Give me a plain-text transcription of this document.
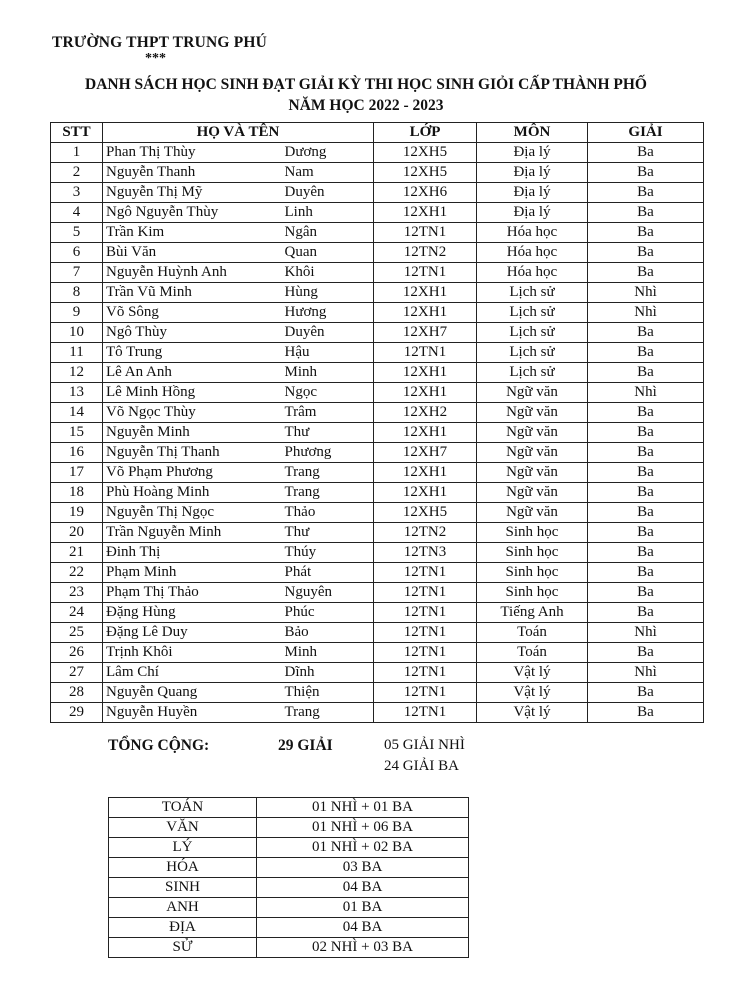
TRƯỜNG THPT TRUNG PHÚ
***
DANH SÁCH HỌC SINH ĐẠT GIẢI KỲ THI HỌC SINH GIỎI CẤP THÀNH PHỐ
NĂM HỌC 2022 - 2023
STT	HỌ VÀ TÊN		LỚP	MÔN	GIẢI
1	Phan Thị Thùy	Dương	12XH5	Địa lý	Ba
2	Nguyễn Thanh	Nam	12XH5	Địa lý	Ba
3	Nguyễn Thị Mỹ	Duyên	12XH6	Địa lý	Ba
4	Ngô Nguyễn Thùy	Linh	12XH1	Địa lý	Ba
5	Trần Kim	Ngân	12TN1	Hóa học	Ba
6	Bùi Văn	Quan	12TN2	Hóa học	Ba
7	Nguyễn Huỳnh Anh	Khôi	12TN1	Hóa học	Ba
8	Trần Vũ Minh	Hùng	12XH1	Lịch sử	Nhì
9	Võ Sông	Hương	12XH1	Lịch sử	Nhì
10	Ngô Thùy	Duyên	12XH7	Lịch sử	Ba
11	Tô Trung	Hậu	12TN1	Lịch sử	Ba
12	Lê An Anh	Minh	12XH1	Lịch sử	Ba
13	Lê Minh Hồng	Ngọc	12XH1	Ngữ văn	Nhì
14	Võ Ngọc Thùy	Trâm	12XH2	Ngữ văn	Ba
15	Nguyễn Minh	Thư	12XH1	Ngữ văn	Ba
16	Nguyễn Thị Thanh	Phương	12XH7	Ngữ văn	Ba
17	Võ Phạm Phương	Trang	12XH1	Ngữ văn	Ba
18	Phù Hoàng Minh	Trang	12XH1	Ngữ văn	Ba
19	Nguyễn Thị Ngọc	Thảo	12XH5	Ngữ văn	Ba
20	Trần Nguyễn Minh	Thư	12TN2	Sinh học	Ba
21	Đinh Thị	Thúy	12TN3	Sinh học	Ba
22	Phạm Minh	Phát	12TN1	Sinh học	Ba
23	Phạm Thị Thảo	Nguyên	12TN1	Sinh học	Ba
24	Đặng Hùng	Phúc	12TN1	Tiếng Anh	Ba
25	Đặng Lê Duy	Bảo	12TN1	Toán	Nhì
26	Trịnh Khôi	Minh	12TN1	Toán	Ba
27	Lâm Chí	Dĩnh	12TN1	Vật lý	Nhì
28	Nguyễn Quang	Thiện	12TN1	Vật lý	Ba
29	Nguyễn Huyền	Trang	12TN1	Vật lý	Ba
TỔNG CỘNG:	29 GIẢI	05 GIẢI NHÌ
24 GIẢI BA
TOÁN	01 NHÌ + 01 BA
VĂN	01 NHÌ + 06 BA
LÝ	01 NHÌ + 02 BA
HÓA	03 BA
SINH	04 BA
ANH	01 BA
ĐỊA	04 BA
SỬ	02 NHÌ + 03 BA
